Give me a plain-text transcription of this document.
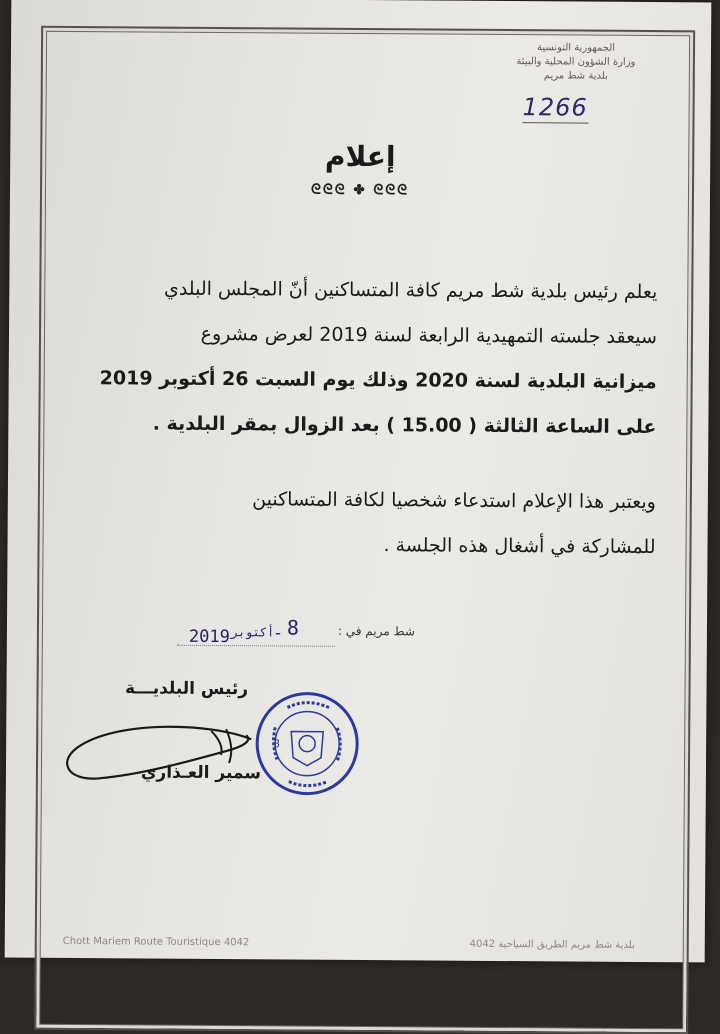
الجمهورية التونسية
وزارة الشؤون المحلية والبيئة
بلدية شط مريم
1266
إعلام
ᘓᘓᘓ ✤ ᘓᘓᘓ

يعلم رئيس بلدية شط مريم كافة المتساكنين أنّ المجلس البلدي

سيعقد جلسته التمهيدية الرابعة لسنة 2019 لعرض مشروع

ميزانية البلدية لسنة 2020 وذلك يوم السبت 26 أكتوبر 2019

على الساعة الثالثة ( 15.00 ) بعد الزوال بمقر البلدية .

ويعتبر هذا الإعلام استدعاء شخصيا لكافة المتساكنين

للمشاركة في أشغال هذه الجلسة .

شط مريم في :
8
-
أكتوبر
2019
رئيس البلديـــة
سمير العـذاري
3
Chott Mariem Route Touristique 4042	بلدية شط مريم الطريق السياحية 4042
